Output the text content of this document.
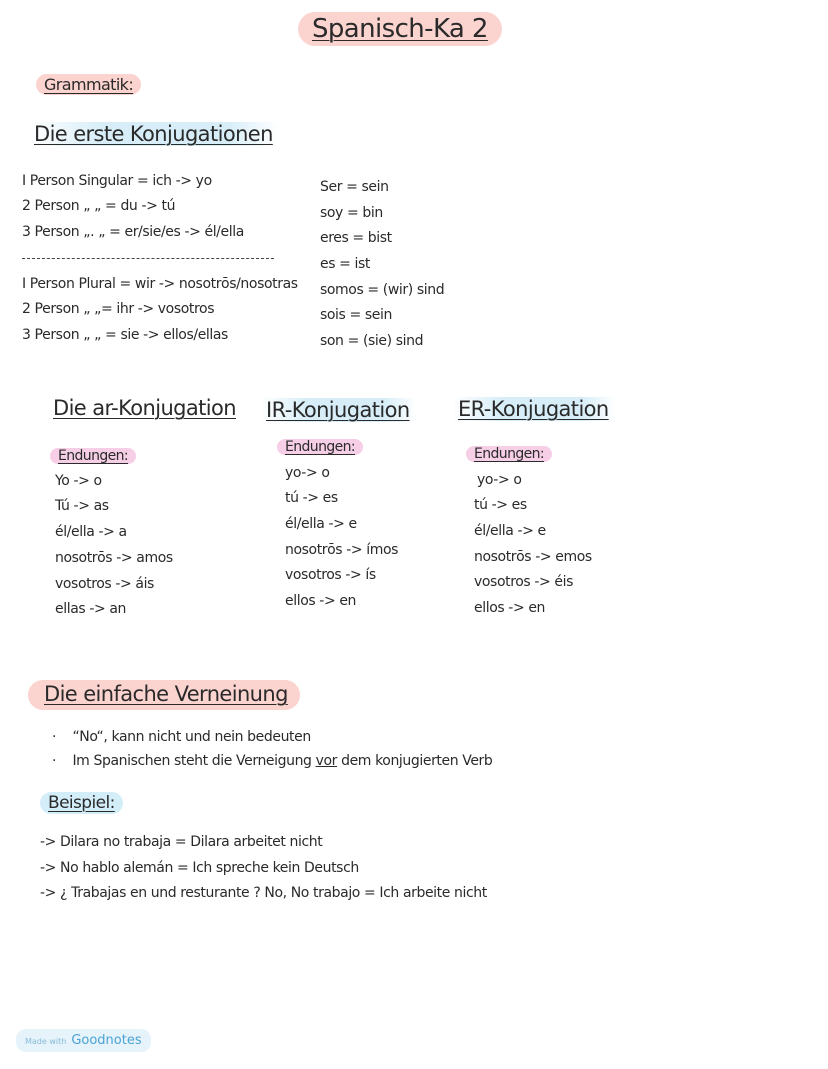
Spanisch-Ka 2
Grammatik:
Die erste Konjugationen
I Person Singular = ich -> yo
2 Person „ „ = du -> tú
3 Person „. „ = er/sie/es -> él/ella
I Person Plural = wir -> nosotrōs/nosotras
2 Person „ „= ihr -> vosotros
3 Person „ „ = sie -> ellos/ellas
Ser = sein
soy = bin
eres = bist
es = ist
somos = (wir) sind
sois = sein
son = (sie) sind
Die ar-Konjugation
Endungen:
Yo -> o
Tú -> as
él/ella -> a
nosotrōs -> amos
vosotros -> áis
ellas -> an
IR-Konjugation
Endungen:
yo-> o
tú -> es
él/ella -> e
nosotrōs -> ímos
vosotros -> ís
ellos -> en
ER-Konjugation
Endungen:
yo-> o
tú -> es
él/ella -> e
nosotrōs -> emos
vosotros -> éis
ellos -> en
Die einfache Verneinung
· “No“, kann nicht und nein bedeuten
· Im Spanischen steht die Verneigung vor dem konjugierten Verb
Beispiel:
-> Dilara no trabaja = Dilara arbeitet nicht
-> No hablo alemán = Ich spreche kein Deutsch
-> ¿ Trabajas en und resturante ? No, No trabajo = Ich arbeite nicht
Made with Goodnotes
